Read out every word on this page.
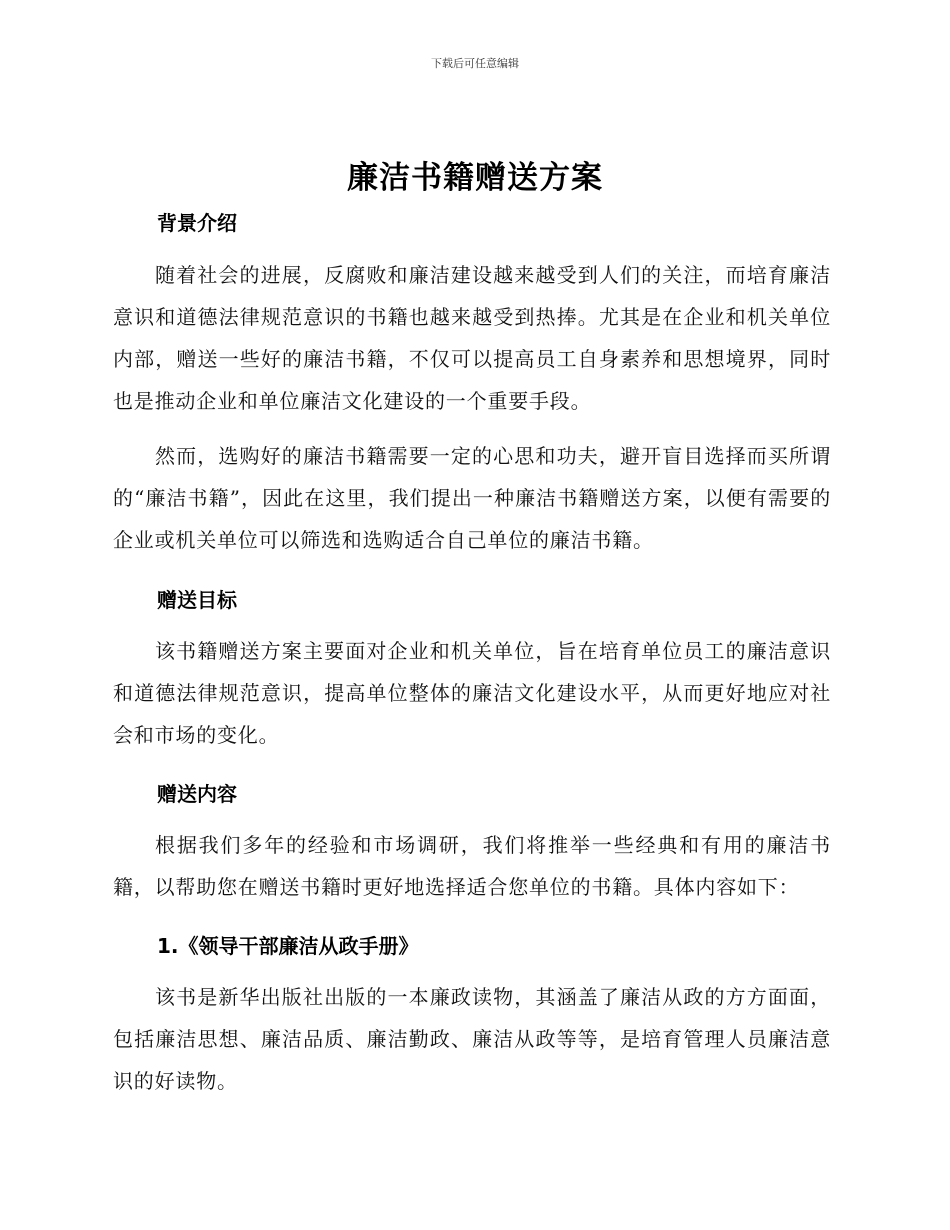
下载后可任意编辑
廉洁书籍赠送方案
背景介绍
随着社会的进展，反腐败和廉洁建设越来越受到人们的关注，而培育廉洁意识和道德法律规范意识的书籍也越来越受到热捧。尤其是在企业和机关单位内部，赠送一些好的廉洁书籍，不仅可以提高员工自身素养和思想境界，同时也是推动企业和单位廉洁文化建设的一个重要手段。
然而，选购好的廉洁书籍需要一定的心思和功夫，避开盲目选择而买所谓的“廉洁书籍”，因此在这里，我们提出一种廉洁书籍赠送方案，以便有需要的企业或机关单位可以筛选和选购适合自己单位的廉洁书籍。
赠送目标
该书籍赠送方案主要面对企业和机关单位，旨在培育单位员工的廉洁意识和道德法律规范意识，提高单位整体的廉洁文化建设水平，从而更好地应对社会和市场的变化。
赠送内容
根据我们多年的经验和市场调研，我们将推举一些经典和有用的廉洁书籍，以帮助您在赠送书籍时更好地选择适合您单位的书籍。具体内容如下：
1.《领导干部廉洁从政手册》
该书是新华出版社出版的一本廉政读物，其涵盖了廉洁从政的方方面面，包括廉洁思想、廉洁品质、廉洁勤政、廉洁从政等等，是培育管理人员廉洁意识的好读物。
